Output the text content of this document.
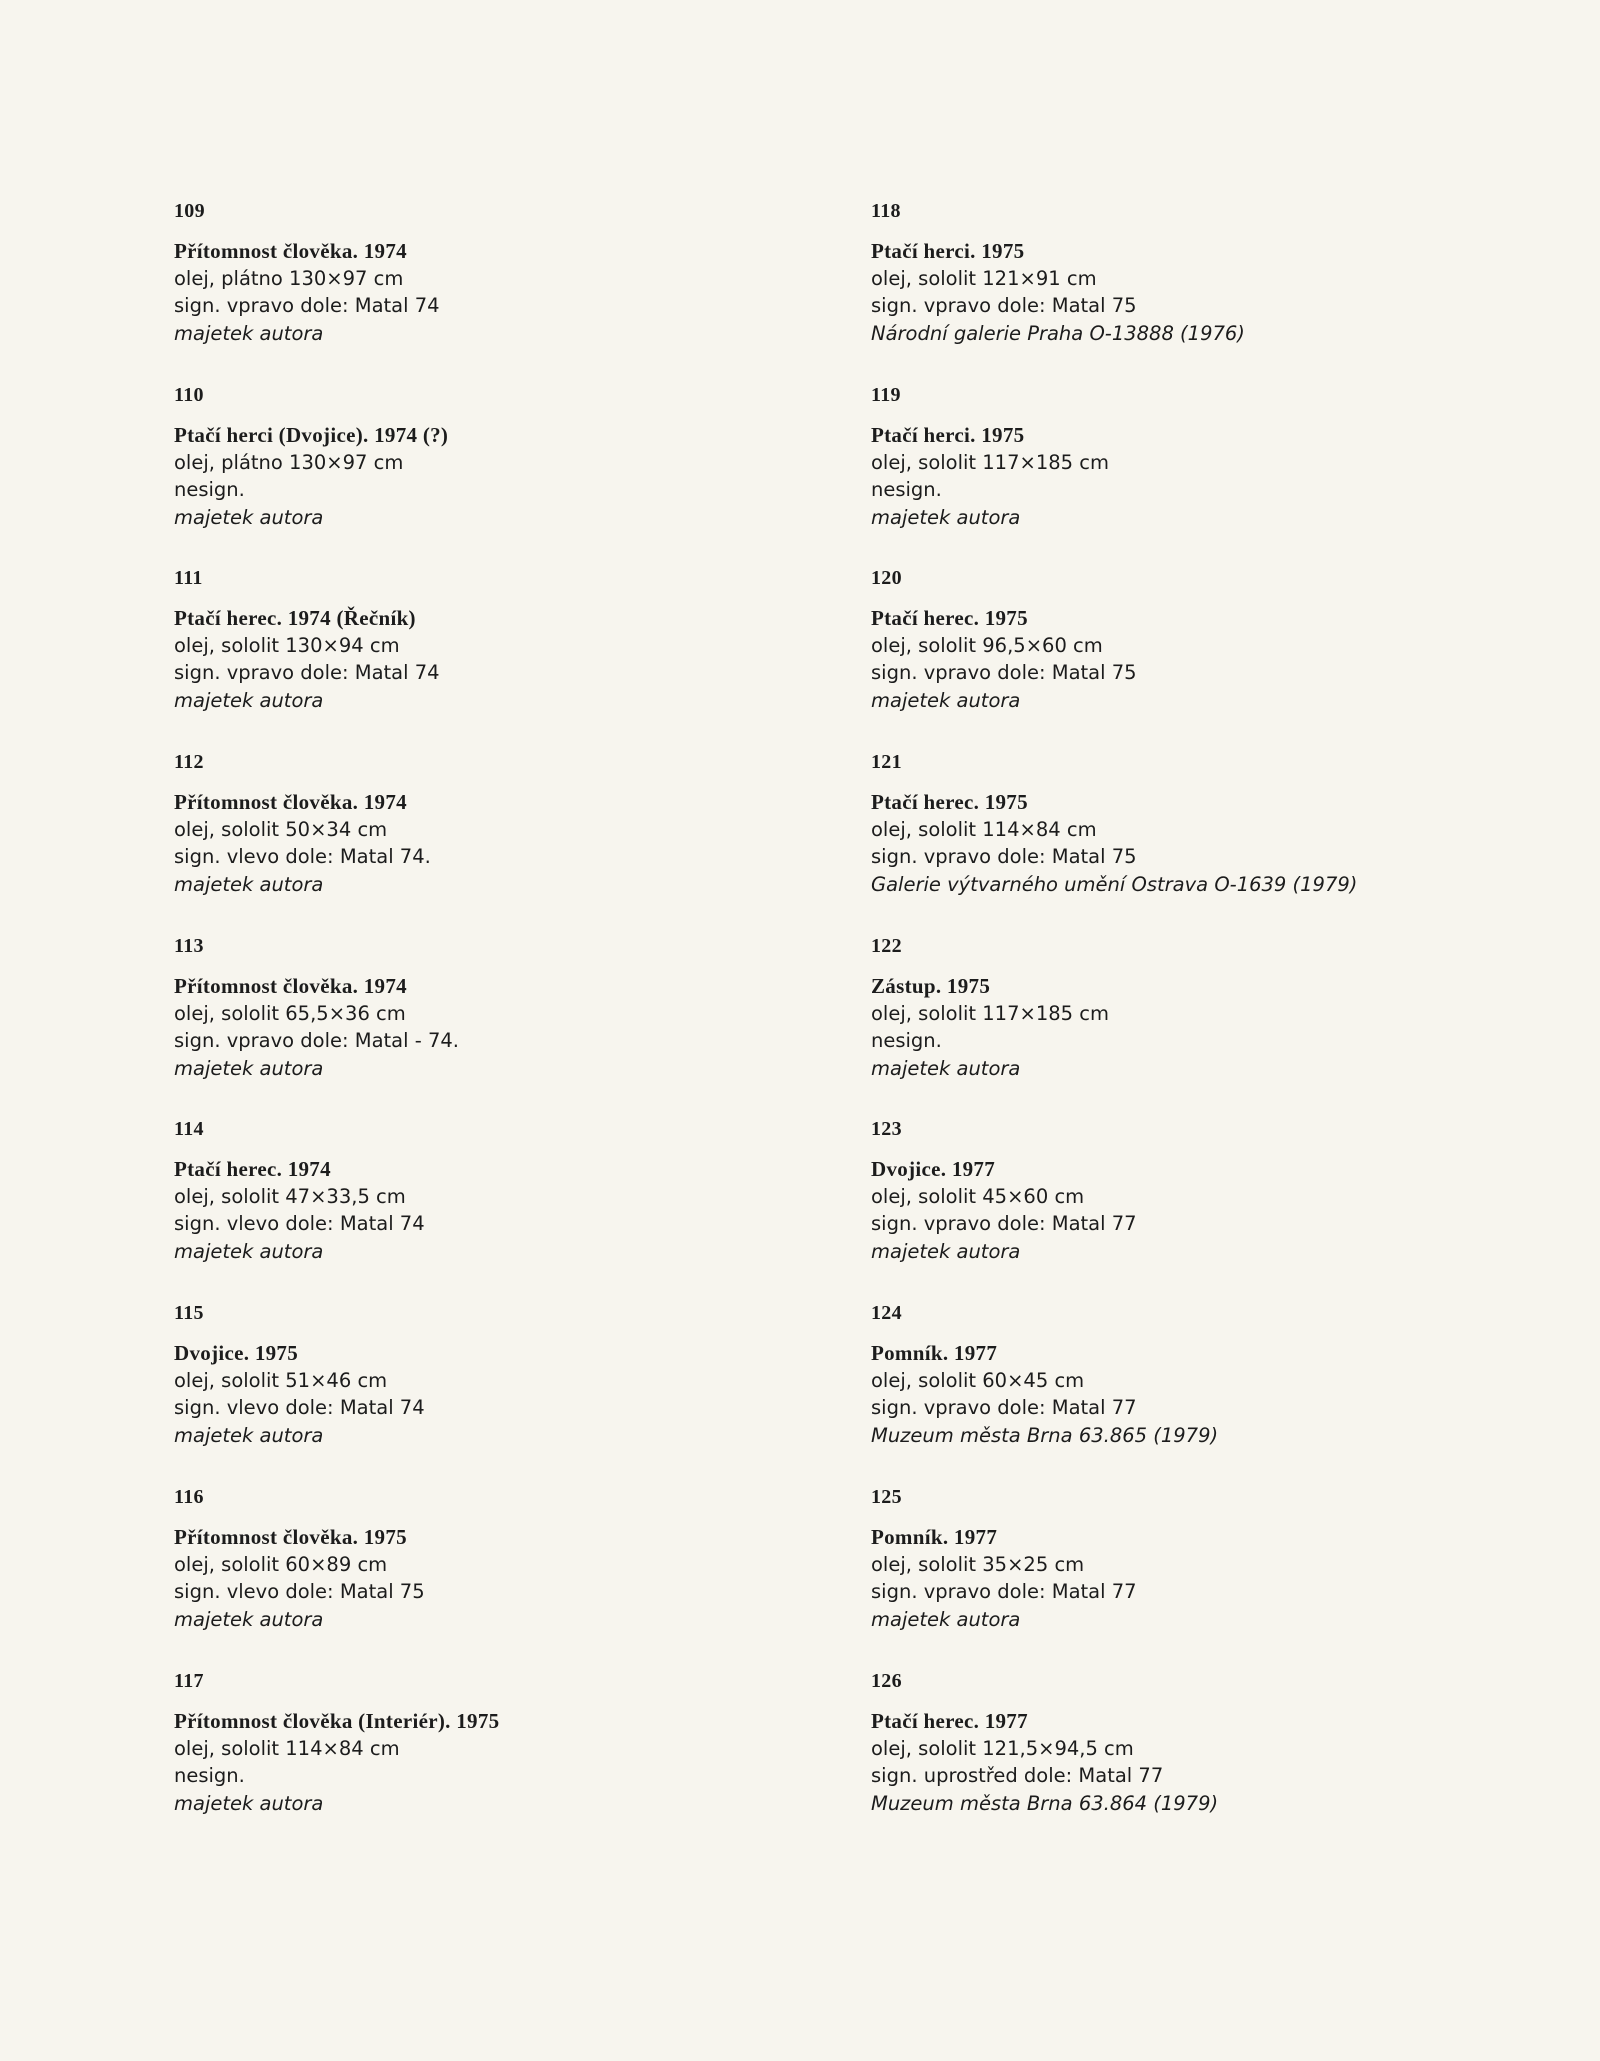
109
Přítomnost člověka. 1974
olej, plátno 130×97 cm
sign. vpravo dole: Matal 74
majetek autora
110
Ptačí herci (Dvojice). 1974 (?)
olej, plátno 130×97 cm
nesign.
majetek autora
111
Ptačí herec. 1974 (Řečník)
olej, sololit 130×94 cm
sign. vpravo dole: Matal 74
majetek autora
112
Přítomnost člověka. 1974
olej, sololit 50×34 cm
sign. vlevo dole: Matal 74.
majetek autora
113
Přítomnost člověka. 1974
olej, sololit 65,5×36 cm
sign. vpravo dole: Matal - 74.
majetek autora
114
Ptačí herec. 1974
olej, sololit 47×33,5 cm
sign. vlevo dole: Matal 74
majetek autora
115
Dvojice. 1975
olej, sololit 51×46 cm
sign. vlevo dole: Matal 74
majetek autora
116
Přítomnost člověka. 1975
olej, sololit 60×89 cm
sign. vlevo dole: Matal 75
majetek autora
117
Přítomnost člověka (Interiér). 1975
olej, sololit 114×84 cm
nesign.
majetek autora
118
Ptačí herci. 1975
olej, sololit 121×91 cm
sign. vpravo dole: Matal 75
Národní galerie Praha O-13888 (1976)
119
Ptačí herci. 1975
olej, sololit 117×185 cm
nesign.
majetek autora
120
Ptačí herec. 1975
olej, sololit 96,5×60 cm
sign. vpravo dole: Matal 75
majetek autora
121
Ptačí herec. 1975
olej, sololit 114×84 cm
sign. vpravo dole: Matal 75
Galerie výtvarného umění Ostrava O-1639 (1979)
122
Zástup. 1975
olej, sololit 117×185 cm
nesign.
majetek autora
123
Dvojice. 1977
olej, sololit 45×60 cm
sign. vpravo dole: Matal 77
majetek autora
124
Pomník. 1977
olej, sololit 60×45 cm
sign. vpravo dole: Matal 77
Muzeum města Brna 63.865 (1979)
125
Pomník. 1977
olej, sololit 35×25 cm
sign. vpravo dole: Matal 77
majetek autora
126
Ptačí herec. 1977
olej, sololit 121,5×94,5 cm
sign. uprostřed dole: Matal 77
Muzeum města Brna 63.864 (1979)
